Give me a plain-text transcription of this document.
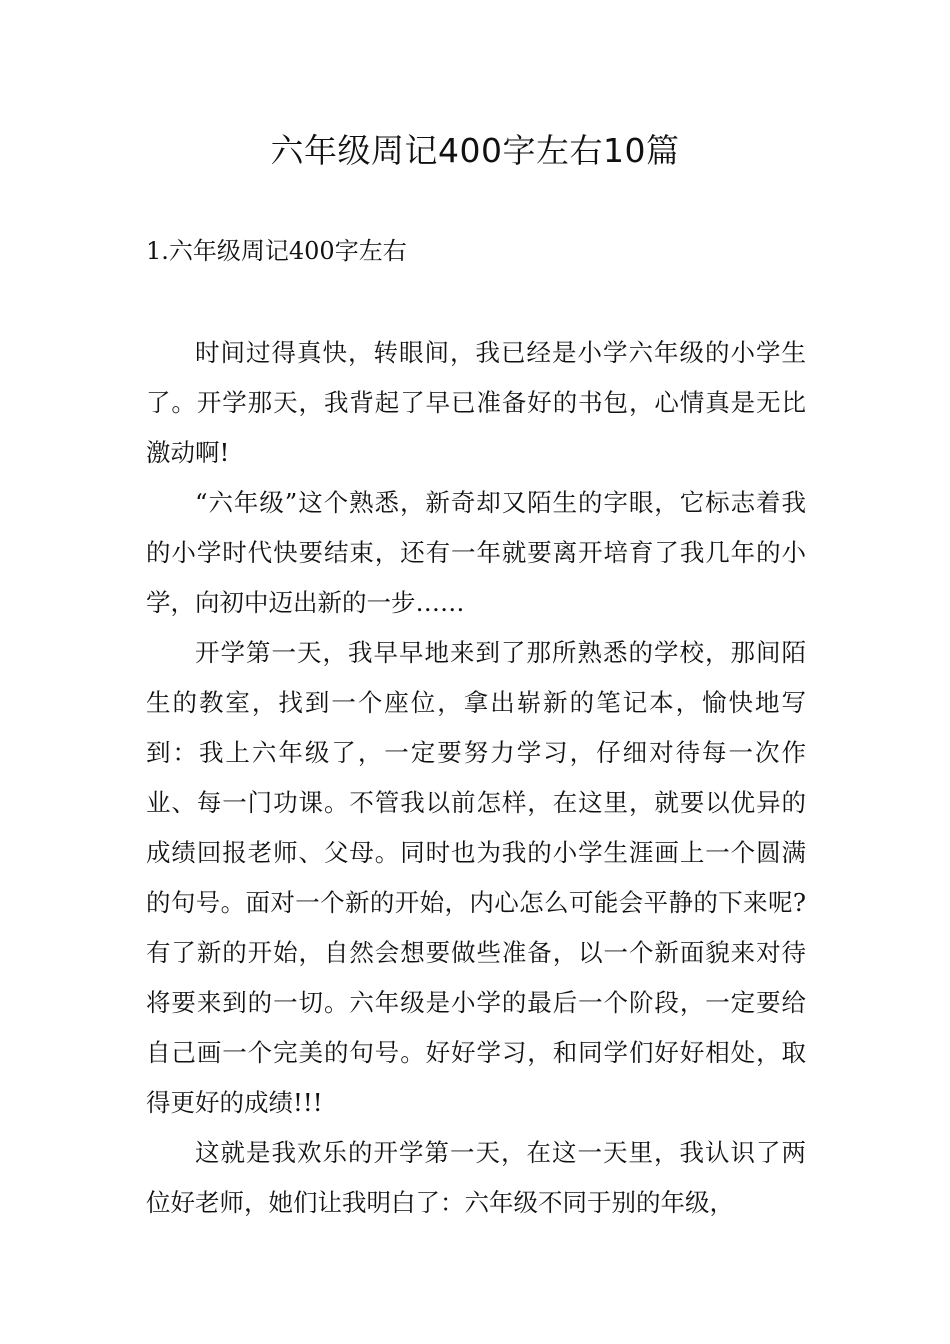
六年级周记400字左右10篇
1.六年级周记400字左右

时间过得真快，转眼间，我已经是小学六年级的小学生了。开学那天，我背起了早已准备好的书包，心情真是无比激动啊!

“六年级”这个熟悉，新奇却又陌生的字眼，它标志着我的小学时代快要结束，还有一年就要离开培育了我几年的小学，向初中迈出新的一步……

开学第一天，我早早地来到了那所熟悉的学校，那间陌生的教室，找到一个座位，拿出崭新的笔记本，愉快地写到：我上六年级了，一定要努力学习，仔细对待每一次作业、每一门功课。不管我以前怎样，在这里，就要以优异的成绩回报老师、父母。同时也为我的小学生涯画上一个圆满的句号。面对一个新的开始，内心怎么可能会平静的下来呢?有了新的开始，自然会想要做些准备，以一个新面貌来对待将要来到的一切。六年级是小学的最后一个阶段，一定要给自己画一个完美的句号。好好学习，和同学们好好相处，取得更好的成绩!!!

这就是我欢乐的开学第一天，在这一天里，我认识了两位好老师，她们让我明白了：六年级不同于别的年级，
